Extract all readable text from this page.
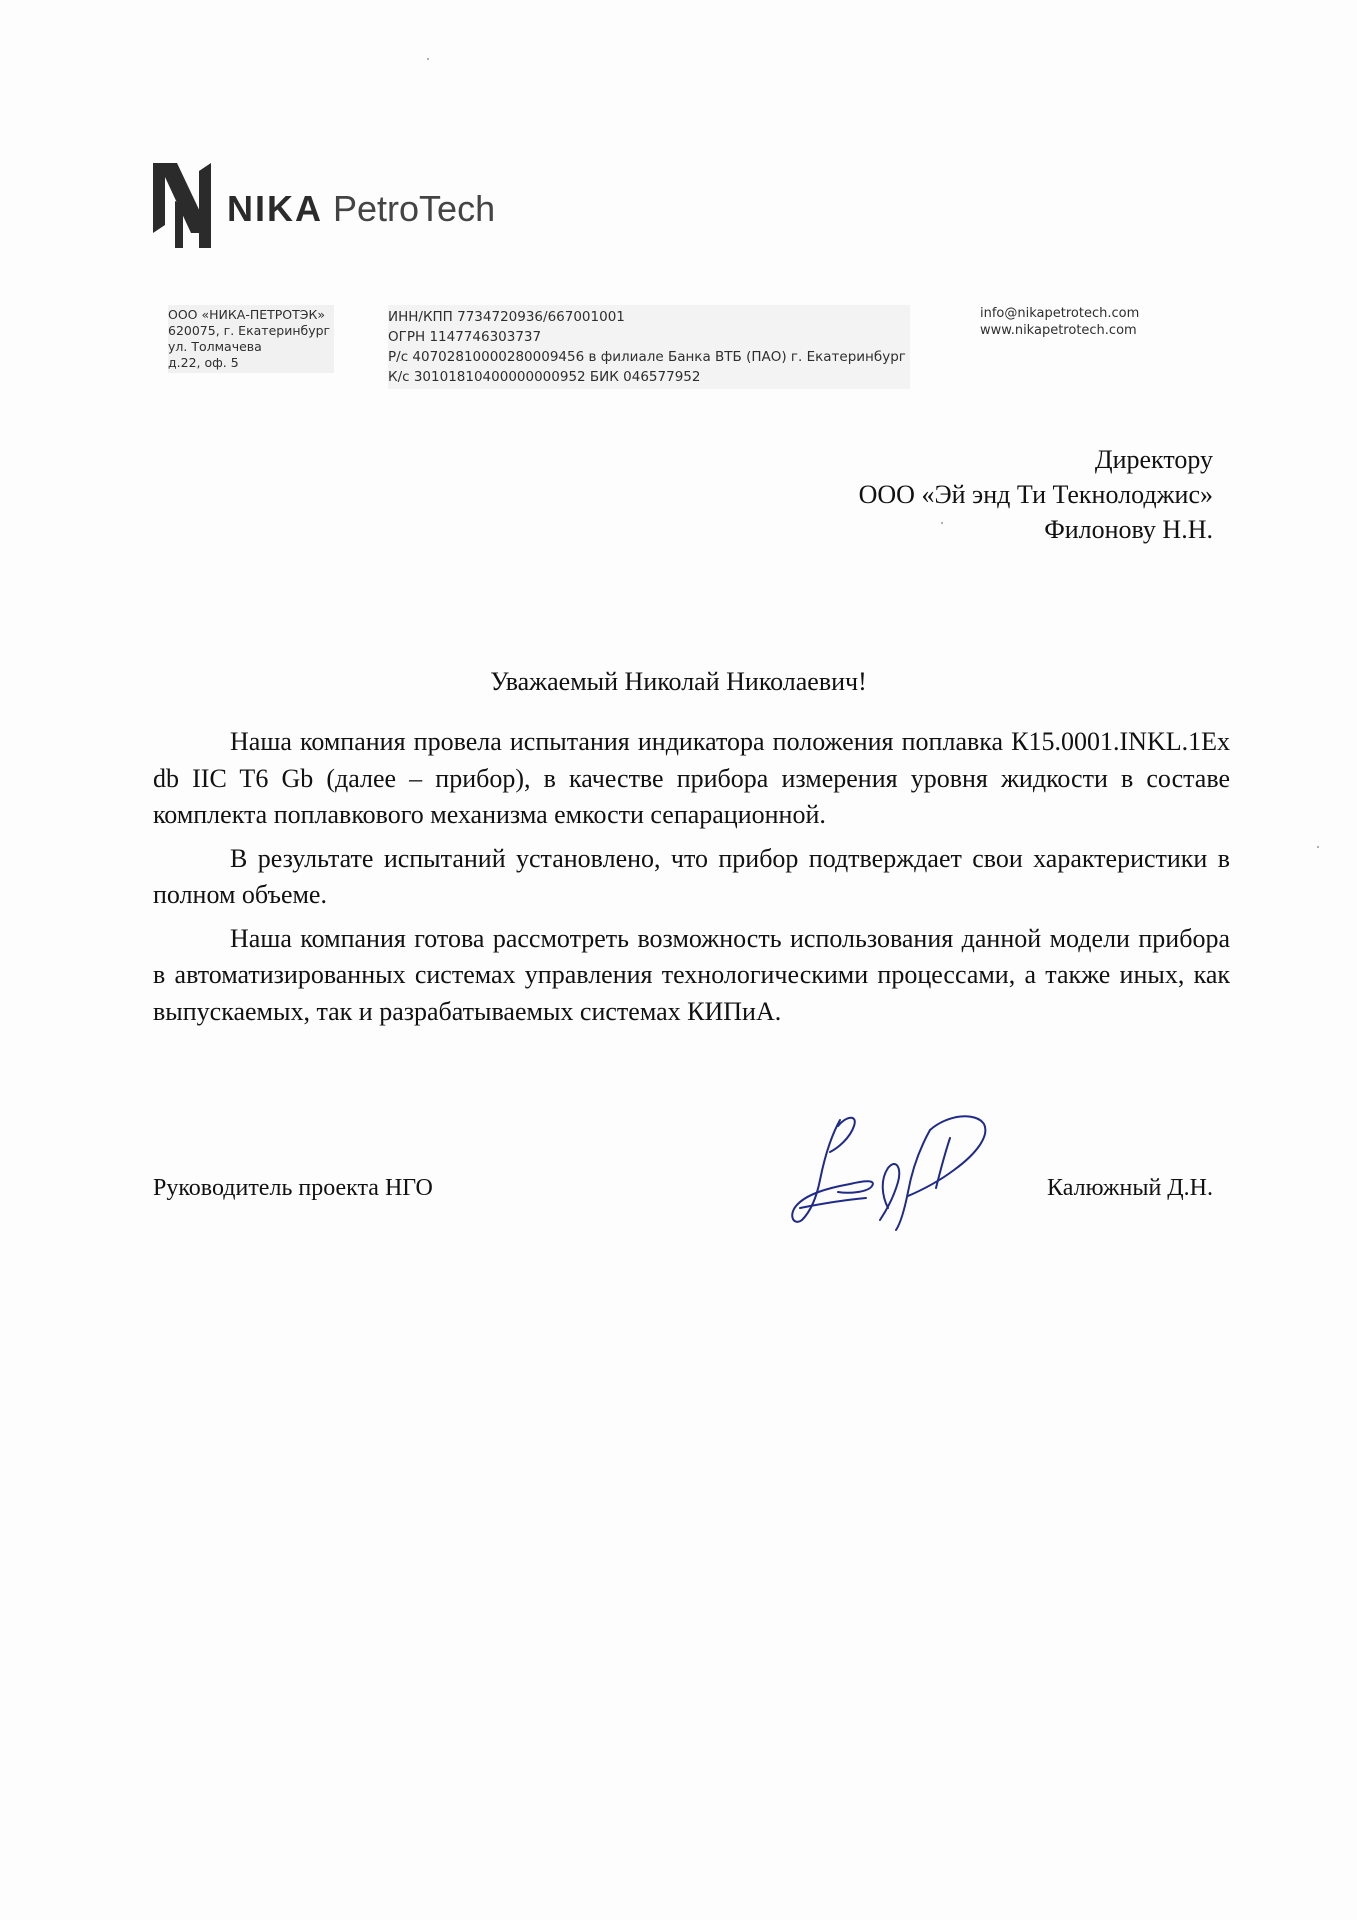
NIKA PetroTech
ООО «НИКА-ПЕТРОТЭК»
620075, г. Екатеринбург
ул. Толмачева
д.22, оф. 5
ИНН/КПП 7734720936/667001001
ОГРН 1147746303737
Р/с 40702810000280009456 в филиале Банка ВТБ (ПАО) г. Екатеринбург
К/с 30101810400000000952 БИК 046577952
info@nikapetrotech.com
www.nikapetrotech.com
Директору
ООО «Эй энд Ти Текнолоджис»
Филонову Н.Н.
Уважаемый Николай Николаевич!

Наша компания провела испытания индикатора положения поплавка К15.0001.INKL.1Ex db IIC T6 Gb (далее – прибор), в качестве прибора измерения уровня жидкости в составе комплекта поплавкового механизма емкости сепарационной.

В результате испытаний установлено, что прибор подтверждает свои характеристики в полном объеме.

Наша компания готова рассмотреть возможность использования данной модели прибора в автоматизированных системах управления технологическими процессами, а также иных, как выпускаемых, так и разрабатываемых системах КИПиА.

Руководитель проекта НГО	Калюжный Д.Н.
